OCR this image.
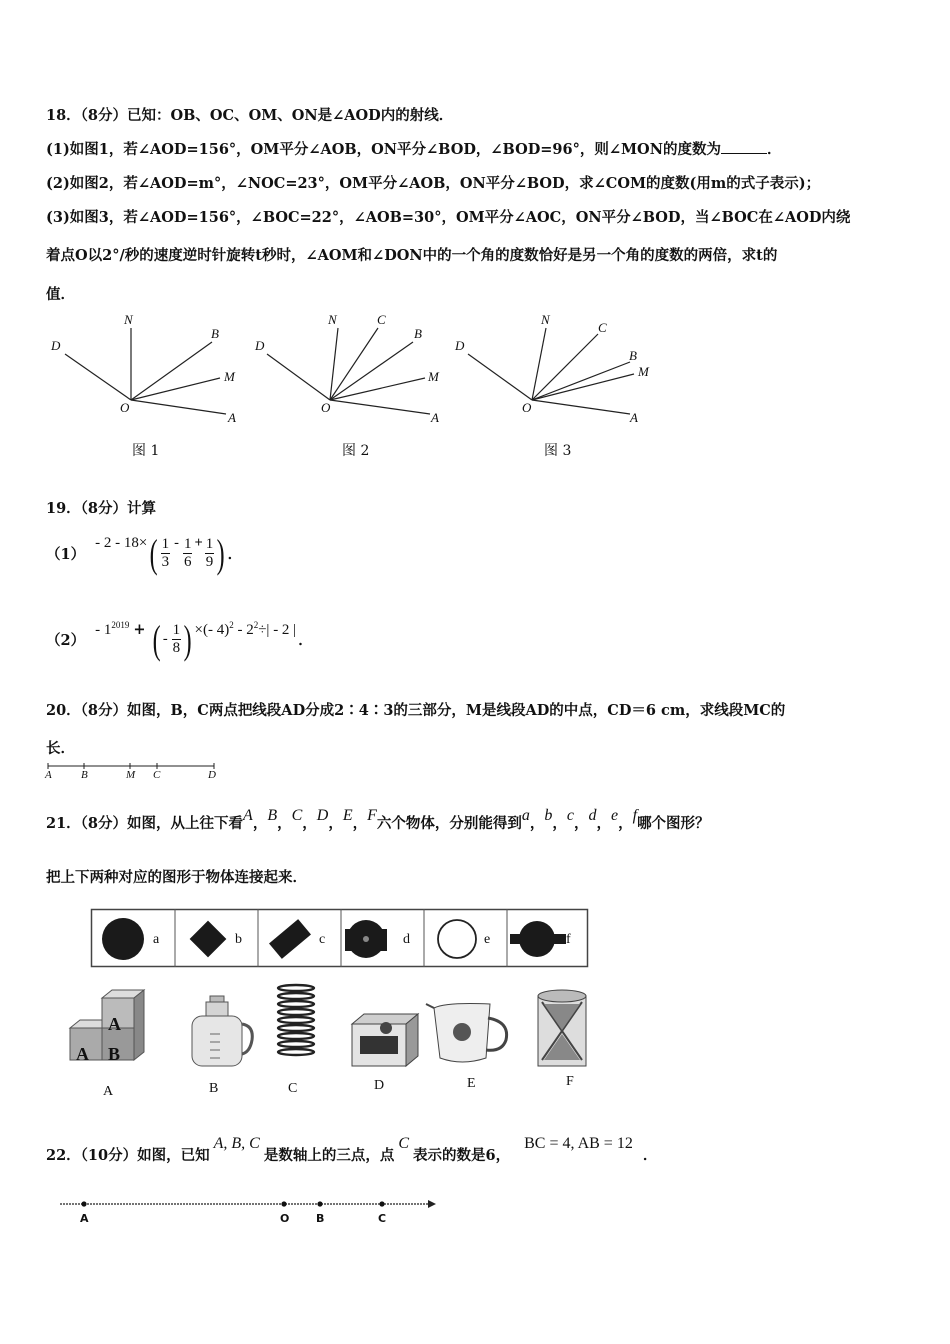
18．（8分）已知：OB、OC、OM、ON是∠AOD内的射线．
(1)如图1，若∠AOD=156°，OM平分∠AOB，ON平分∠BOD，∠BOD=96°，则∠MON的度数为	．
(2)如图2，若∠AOD=m°，∠NOC=23°，OM平分∠AOB，ON平分∠BOD，求∠COM的度数(用m的式子表示)；
(3)如图3，若∠AOD=156°，∠BOC=22°，∠AOB=30°，OM平分∠AOC，ON平分∠BOD，当∠BOC在∠AOD内绕
着点O以2°/秒的速度逆时针旋转t秒时，∠AOM和∠DON中的一个角的度数恰好是另一个角的度数的两倍，求t的
值．
N
D
B
M
O
A
图 1
N	C
D
B
M
O
A
图 2
N
C
D
B
M
O
A
图 3
19．（8分）计算
（1）
- 2 - 18× ( $\frac{1}{3} - \frac{1}{6} + \frac{1}{9}$ ) ．
（2）
- $1^{2019}$ + ( - $\frac{1}{8}$ ) ×(- $4)^2 - 2^2\div| - 2$ |
．
20．（8分）如图，B，C两点把线段AD分成2∶4∶3的三部分，M是线段AD的中点，CD＝6 cm，求线段MC的
长．
A	B	M C	D
21．（8分）如图，从上往下看A，B，C，D，E，F六个物体，分别能得到a，b，c，d，e，f哪个图形？
把上下两种对应的图形于物体连接起来．
a	b	c	d	e	f
A
A B
A	B	C	D	E	F
22．（10分）如图，已知A, B, C是数轴上的三点，点C表示的数是6，BC = 4, AB = 12．
A	O B	C
